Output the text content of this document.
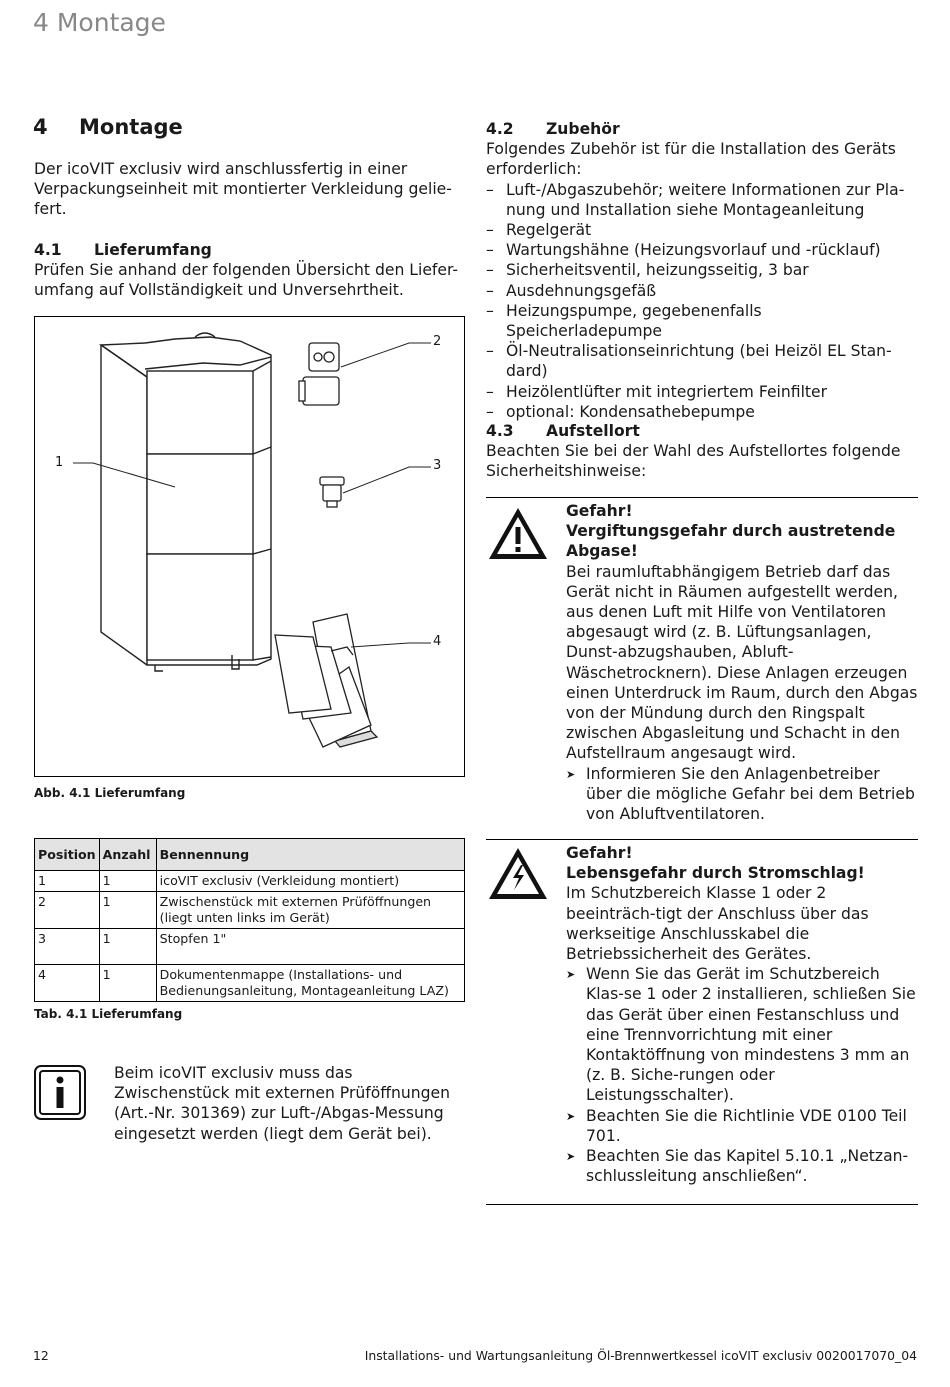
4 Montage
4 Montage
Der icoVIT exclusiv wird anschlussfertig in einer Verpackungseinheit mit montierter Verkleidung gelie-fert.
4.1 Lieferumfang
Prüfen Sie anhand der folgenden Übersicht den Liefer-umfang auf Vollständigkeit und Unversehrtheit.
1
2
3
4
Abb. 4.1 Lieferumfang
Position	Anzahl	Bennennung
1	1	icoVIT exclusiv (Verkleidung montiert)
2	1	Zwischenstück mit externen Prüföffnungen (liegt unten links im Gerät)
3	1	Stopfen 1"
4	1	Dokumentenmappe (Installations- und Bedienungsanleitung, Montageanleitung LAZ)
Tab. 4.1 Lieferumfang
Beim icoVIT exclusiv muss das Zwischenstück mit externen Prüföffnungen (Art.-Nr. 301369) zur Luft-/Abgas-Messung eingesetzt werden (liegt dem Gerät bei).
4.2 Zubehör
Folgendes Zubehör ist für die Installation des Geräts erforderlich:
– Luft-/Abgaszubehör; weitere Informationen zur Pla-nung und Installation siehe Montageanleitung
– Regelgerät
– Wartungshähne (Heizungsvorlauf und -rücklauf)
– Sicherheitsventil, heizungsseitig, 3 bar
– Ausdehnungsgefäß
– Heizungspumpe, gegebenenfalls Speicherladepumpe
– Öl-Neutralisationseinrichtung (bei Heizöl EL Stan-dard)
– Heizölentlüfter mit integriertem Feinfilter
– optional: Kondensathebepumpe
4.3 Aufstellort
Beachten Sie bei der Wahl des Aufstellortes folgende Sicherheitshinweise:
Gefahr!
Vergiftungsgefahr durch austretende Abgase!
Bei raumluftabhängigem Betrieb darf das Gerät nicht in Räumen aufgestellt werden, aus denen Luft mit Hilfe von Ventilatoren abgesaugt wird (z. B. Lüftungsanlagen, Dunst-abzugshauben, Abluft-Wäschetrocknern). Diese Anlagen erzeugen einen Unterdruck im Raum, durch den Abgas von der Mündung durch den Ringspalt zwischen Abgasleitung und Schacht in den Aufstellraum angesaugt wird.
➤ Informieren Sie den Anlagenbetreiber über die mögliche Gefahr bei dem Betrieb von Abluftventilatoren.
Gefahr!
Lebensgefahr durch Stromschlag!
Im Schutzbereich Klasse 1 oder 2 beeinträch-tigt der Anschluss über das werkseitige Anschlusskabel die Betriebssicherheit des Gerätes.
➤ Wenn Sie das Gerät im Schutzbereich Klas-se 1 oder 2 installieren, schließen Sie das Gerät über einen Festanschluss und eine Trennvorrichtung mit einer Kontaktöffnung von mindestens 3 mm an (z. B. Siche-rungen oder Leistungsschalter).
➤ Beachten Sie die Richtlinie VDE 0100 Teil 701.
➤ Beachten Sie das Kapitel 5.10.1 „Netzan-schlussleitung anschließen“.
12	Installations- und Wartungsanleitung Öl-Brennwertkessel icoVIT exclusiv 0020017070_04
